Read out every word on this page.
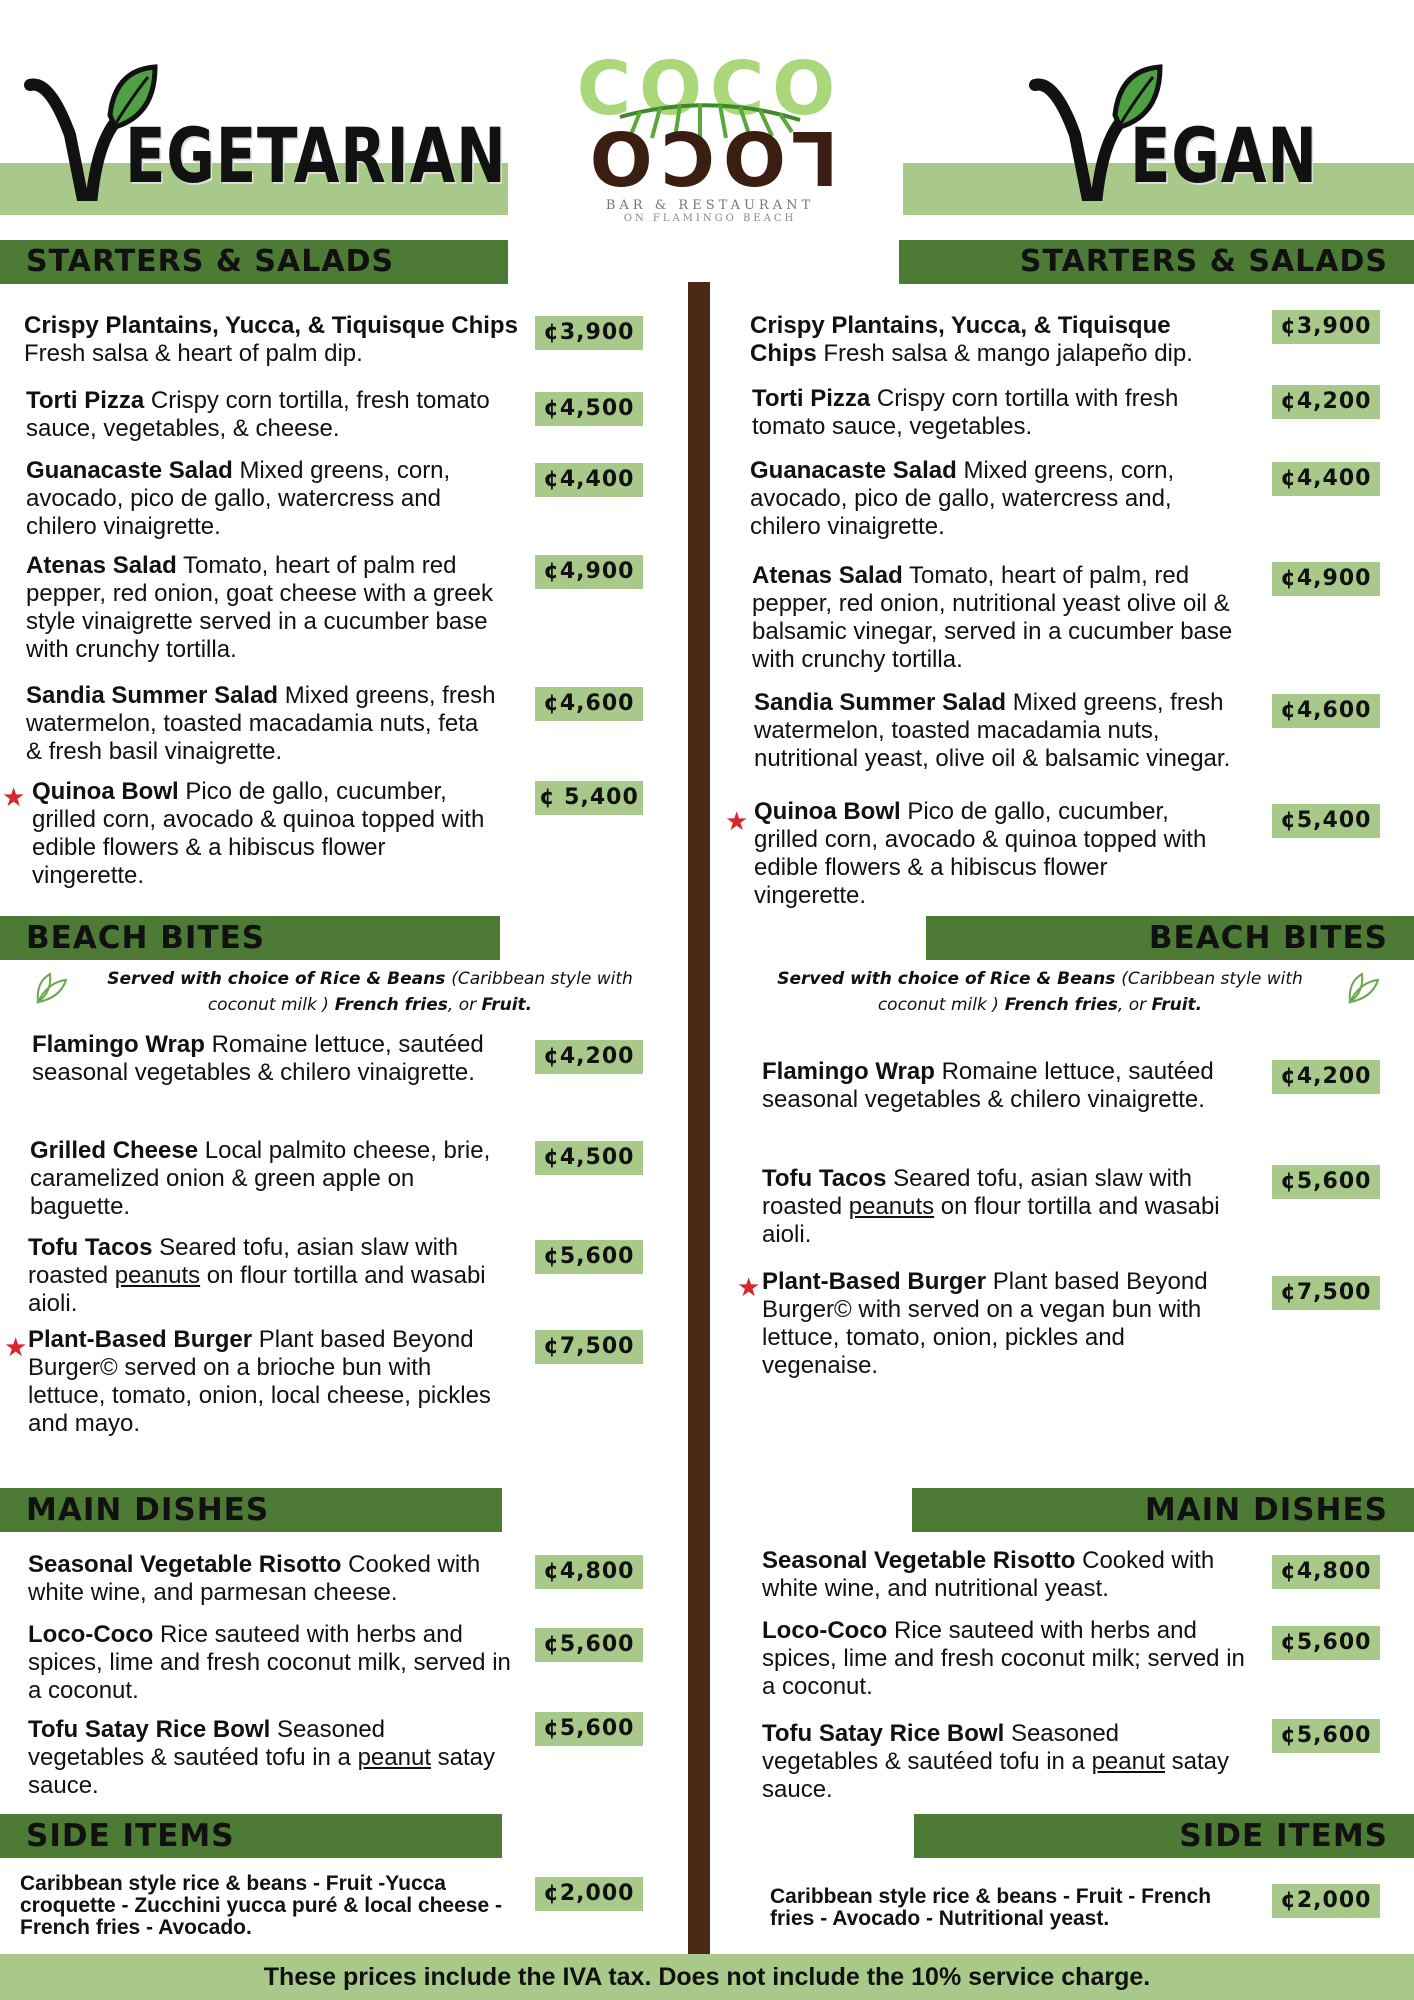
EGETARIAN	EGAN
COCO
LOCO
BAR & RESTAURANT
ON FLAMINGO BEACH
STARTERS & SALADS	STARTERS & SALADS
BEACH BITES	BEACH BITES
MAIN DISHES	MAIN DISHES
SIDE ITEMS	SIDE ITEMS
Crispy Plantains, Yucca, & Tiquisque Chips Fresh salsa & heart of palm dip.
¢3,900
Torti Pizza Crispy corn tortilla, fresh tomato sauce, vegetables, & cheese.
¢4,500
Guanacaste Salad Mixed greens, corn, avocado, pico de gallo, watercress and chilero vinaigrette.
¢4,400
Atenas Salad Tomato, heart of palm red pepper, red onion, goat cheese with a greek style vinaigrette served in a cucumber base with crunchy tortilla.
¢4,900
Sandia Summer Salad Mixed greens, fresh watermelon, toasted macadamia nuts, feta & fresh basil vinaigrette.
¢4,600
★ Quinoa Bowl Pico de gallo, cucumber, grilled corn, avocado & quinoa topped with edible flowers & a hibiscus flower vingerette.
¢ 5,400
Crispy Plantains, Yucca, & Tiquisque Chips Fresh salsa & mango jalapeño dip.
¢3,900
Torti Pizza Crispy corn tortilla with fresh tomato sauce, vegetables.
¢4,200
Guanacaste Salad Mixed greens, corn, avocado, pico de gallo, watercress and, chilero vinaigrette.
¢4,400
Atenas Salad Tomato, heart of palm, red pepper, red onion, nutritional yeast olive oil & balsamic vinegar, served in a cucumber base with crunchy tortilla.
¢4,900
Sandia Summer Salad Mixed greens, fresh watermelon, toasted macadamia nuts, nutritional yeast, olive oil & balsamic vinegar.
¢4,600
★ Quinoa Bowl Pico de gallo, cucumber, grilled corn, avocado & quinoa topped with edible flowers & a hibiscus flower vingerette.
¢5,400
Served with choice of Rice & Beans (Caribbean style with coconut milk ) French fries, or Fruit.
Served with choice of Rice & Beans (Caribbean style with coconut milk ) French fries, or Fruit.
Flamingo Wrap Romaine lettuce, sautéed seasonal vegetables & chilero vinaigrette.
¢4,200
Grilled Cheese Local palmito cheese, brie, caramelized onion & green apple on baguette.
¢4,500
Tofu Tacos Seared tofu, asian slaw with roasted peanuts on flour tortilla and wasabi aioli.
¢5,600
★ Plant-Based Burger Plant based Beyond Burger© served on a brioche bun with lettuce, tomato, onion, local cheese, pickles and mayo.
¢7,500
Flamingo Wrap Romaine lettuce, sautéed seasonal vegetables & chilero vinaigrette.
¢4,200
Tofu Tacos Seared tofu, asian slaw with roasted peanuts on flour tortilla and wasabi aioli.
¢5,600
★ Plant-Based Burger Plant based Beyond Burger© with served on a vegan bun with lettuce, tomato, onion, pickles and vegenaise.
¢7,500
Seasonal Vegetable Risotto Cooked with white wine, and parmesan cheese.
¢4,800
Loco-Coco Rice sauteed with herbs and spices, lime and fresh coconut milk, served in a coconut.
¢5,600
Tofu Satay Rice Bowl Seasoned vegetables & sautéed tofu in a peanut satay sauce.
¢5,600
Seasonal Vegetable Risotto Cooked with white wine, and nutritional yeast.
¢4,800
Loco-Coco Rice sauteed with herbs and spices, lime and fresh coconut milk; served in a coconut.
¢5,600
Tofu Satay Rice Bowl Seasoned vegetables & sautéed tofu in a peanut satay sauce.
¢5,600
Caribbean style rice & beans - Fruit -Yucca croquette - Zucchini yucca puré & local cheese - French fries - Avocado.
¢2,000	Caribbean style rice & beans - Fruit - French fries - Avocado - Nutritional yeast.
¢2,000
These prices include the IVA tax. Does not include the 10% service charge.
